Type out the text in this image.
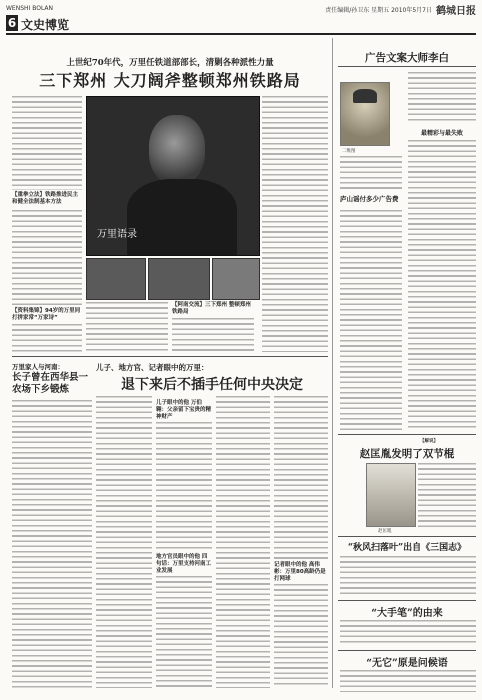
WENSHI BOLAN	责任编辑/孙卫东 星期五 2010年5月7日 鹤城日报
6 文史博览
上世纪70年代，万里任铁道部部长，清剿各种派性力量
三下郑州 大刀阔斧整顿郑州铁路局
【重拳立法】铁路推进民主和健全法制基本方法
【资料集锦】94岁的万里同打拼家常“万家诗”
万里语录
【阿南交流】三下郑州 整顿郑州铁路局
万里家人与河南：
长子曾在西华县一农场下乡锻炼
儿子、地方官、记者眼中的万里：
退下来后不插手任何中央决定
儿子眼中的他 万伯翱：父亲留下宝贵的精神财产
地方官员眼中的他 四句话：万里支持河南工业发展
记者眼中的他 高伟彬：万里80高龄仍是打网球
广告文案大师李白
二维图
庐山谣付多少广告费
最精彩与最失败
【解说】
赵匡胤发明了双节棍
赵匡胤
“秋风扫落叶”出自《三国志》
“大手笔”的由来
“无它”原是问候语
